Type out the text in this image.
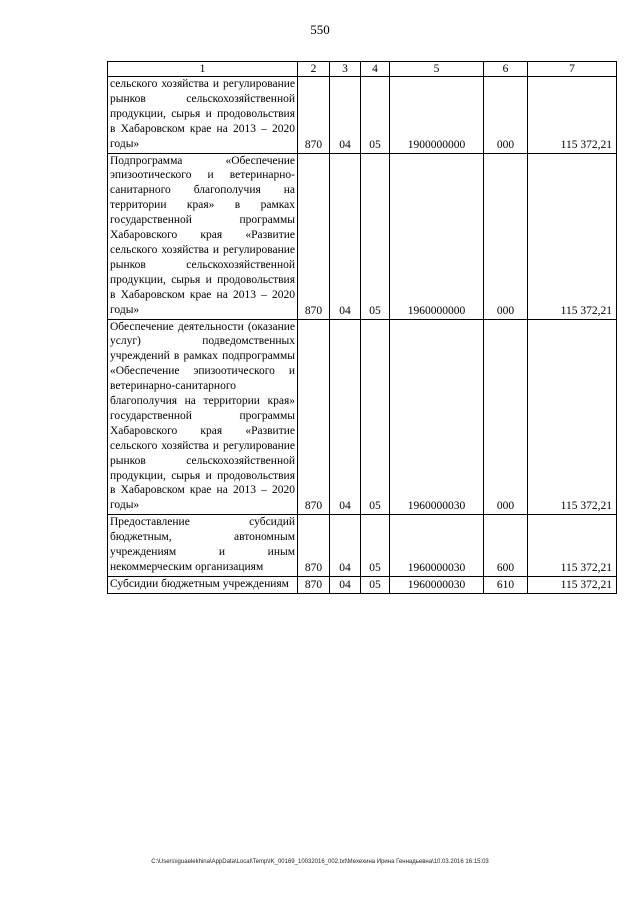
550
1	2	3	4	5	6	7
сельского хозяйства и регулирование рынков сельскохозяйственной продукции, сырья и продовольствия в Хабаровском крае на 2013 – 2020 годы»	870	04	05	1900000000	000	115 372,21
Подпрограмма «Обеспечение эпизоотического и ветеринарно-санитарного благополучия на территории края» в рамках государственной программы Хабаровского края «Развитие сельского хозяйства и регулирование рынков сельскохозяйственной продукции, сырья и продовольствия в Хабаровском крае на 2013 – 2020 годы»	870	04	05	1960000000	000	115 372,21
Обеспечение деятельности (оказание услуг) подведомственных учреждений в рамках подпрограммы «Обеспечение эпизоотического и ветеринарно-санитарного благополучия на территории края» государственной программы Хабаровского края «Развитие сельского хозяйства и регулирование рынков сельскохозяйственной продукции, сырья и продовольствия в Хабаровском крае на 2013 – 2020 годы»	870	04	05	1960000030	000	115 372,21
Предоставление субсидий бюджетным, автономным учреждениям и иным некоммерческим организациям	870	04	05	1960000030	600	115 372,21
Субсидии бюджетным учреждениям	870	04	05	1960000030	610	115 372,21
C:\Users\iguaelekhina\AppData\Local\Temp\IK_00169_10032016_002.txt\Мехехина Ирина Геннадьевна\10.03.2016 16:15:03
